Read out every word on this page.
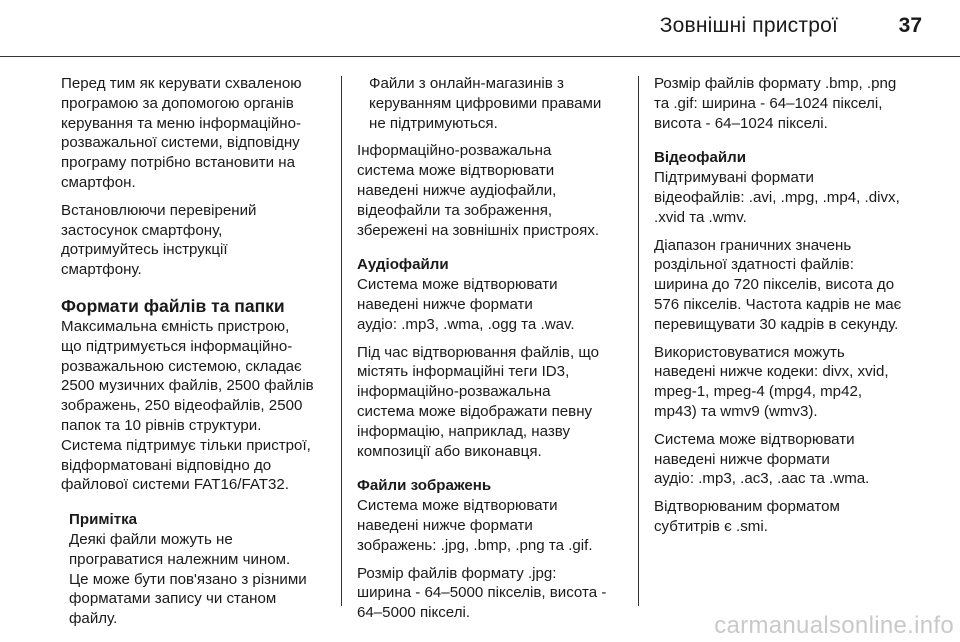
Зовнішні пристрої	37

Перед тим як керувати схваленою
програмою за допомогою органів
керування та меню інформаційно-
розважальної системи, відповідну
програму потрібно встановити на
смартфон.

Встановлюючи перевірений
застосунок смартфону,
дотримуйтесь інструкції
смартфону.

Формати файлів та папки

Максимальна ємність пристрою,
що підтримується інформаційно-
розважальною системою, складає
2500 музичних файлів, 2500 файлів
зображень, 250 відеофайлів, 2500
папок та 10 рівнів структури.
Система підтримує тільки пристрої,
відформатовані відповідно до
файлової системи FAT16/FAT32.

Примітка
Деякі файли можуть не
програватися належним чином.
Це може бути пов'язано з різними
форматами запису чи станом
файлу.

Файли з онлайн-магазинів з
керуванням цифровими правами
не підтримуються.

Інформаційно-розважальна
система може відтворювати
наведені нижче аудіофайли,
відеофайли та зображення,
збережені на зовнішніх пристроях.

Аудіофайли
Система може відтворювати
наведені нижче формати
аудіо: .mp3, .wma, .ogg та .wav.

Під час відтворювання файлів, що
містять інформаційні теги ID3,
інформаційно-розважальна
система може відображати певну
інформацію, наприклад, назву
композиції або виконавця.

Файли зображень
Система може відтворювати
наведені нижче формати
зображень: .jpg, .bmp, .png та .gif.

Розмір файлів формату .jpg:
ширина - 64–5000 пікселів, висота -
64–5000 пікселі.

Розмір файлів формату .bmp, .png
та .gif: ширина - 64–1024 пікселі,
висота - 64–1024 пікселі.

Відеофайли
Підтримувані формати
відеофайлів: .avi, .mpg, .mp4, .divx,
.xvid та .wmv.

Діапазон граничних значень
роздільної здатності файлів:
ширина до 720 пікселів, висота до
576 пікселів. Частота кадрів не має
перевищувати 30 кадрів в секунду.

Використовуватися можуть
наведені нижче кодеки: divx, xvid,
mpeg-1, mpeg-4 (mpg4, mp42,
mp43) та wmv9 (wmv3).

Система може відтворювати
наведені нижче формати
аудіо: .mp3, .ac3, .aac та .wma.

Відтворюваним форматом
субтитрів є .smi.

carmanualsonline.info
